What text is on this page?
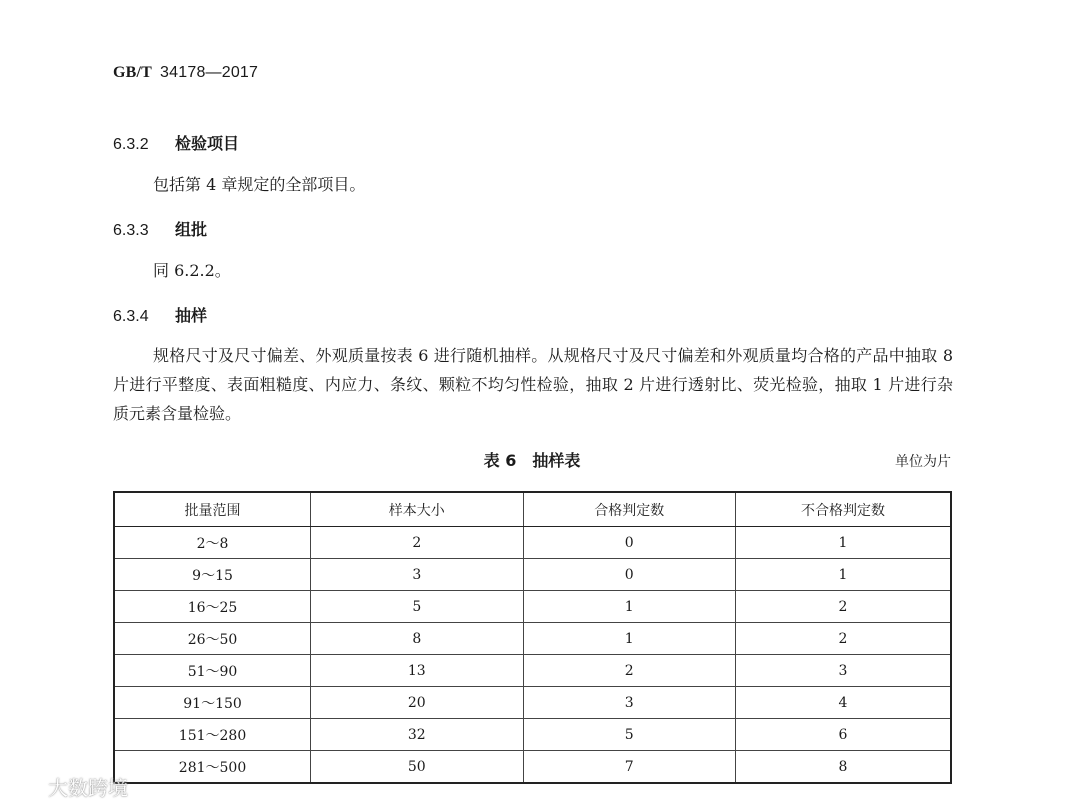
GB/T 34178—2017
6.3.2 检验项目

包括第 4 章规定的全部项目。

6.3.3 组批

同 6.2.2。

6.3.4 抽样

规格尺寸及尺寸偏差、外观质量按表 6 进行随机抽样。从规格尺寸及尺寸偏差和外观质量均合格的产品中抽取 8 片进行平整度、表面粗糙度、内应力、条纹、颗粒不均匀性检验，抽取 2 片进行透射比、荧光检验，抽取 1 片进行杂质元素含量检验。

表 6　抽样表	单位为片
批量范围	样本大小	合格判定数	不合格判定数
2～8	2	0	1
9～15	3	0	1
16～25	5	1	2
26～50	8	1	2
51～90	13	2	3
91～150	20	3	4
151～280	32	5	6
281～500	50	7	8
大数跨境
